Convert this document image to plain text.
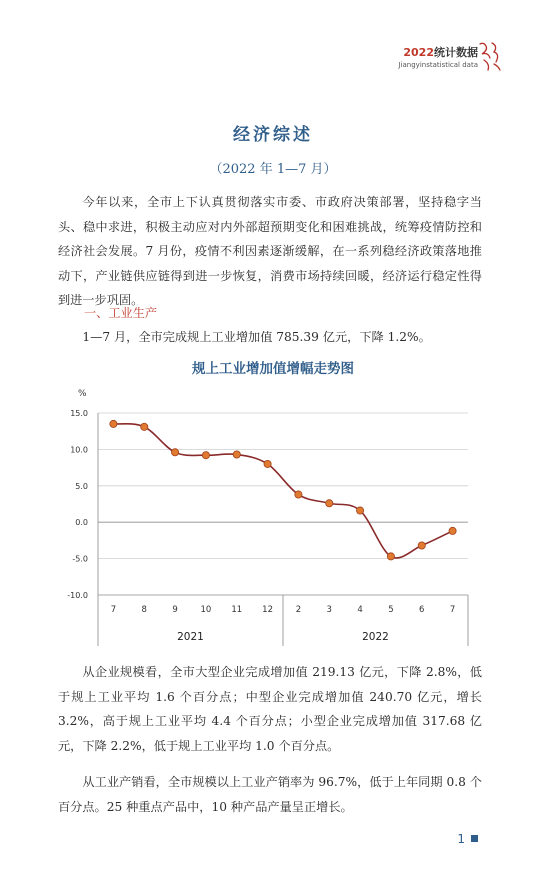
2022统计数据
Jiangyinstatistical data
经济综述
（2022 年 1—7 月）
今年以来，全市上下认真贯彻落实市委、市政府决策部署，坚持稳字当头、稳中求进，积极主动应对内外部超预期变化和困难挑战，统筹疫情防控和经济社会发展。7 月份，疫情不利因素逐渐缓解，在一系列稳经济政策落地推动下，产业链供应链得到进一步恢复，消费市场持续回暖，经济运行稳定性得到进一步巩固。
一、工业生产
1—7 月，全市完成规上工业增加值 785.39 亿元，下降 1.2%。
规上工业增加值增幅走势图
%
15.0
10.0
5.0
0.0
-5.0
-10.0
7	8	9	10 11 12	2	3	4	5	6	7
2021	2022
从企业规模看，全市大型企业完成增加值 219.13 亿元，下降 2.8%，低于规上工业平均 1.6 个百分点；中型企业完成增加值 240.70 亿元，增长 3.2%，高于规上工业平均 4.4 个百分点；小型企业完成增加值 317.68 亿元，下降 2.2%，低于规上工业平均 1.0 个百分点。
从工业产销看，全市规模以上工业产销率为 96.7%，低于上年同期 0.8 个百分点。25 种重点产品中，10 种产品产量呈正增长。
1
